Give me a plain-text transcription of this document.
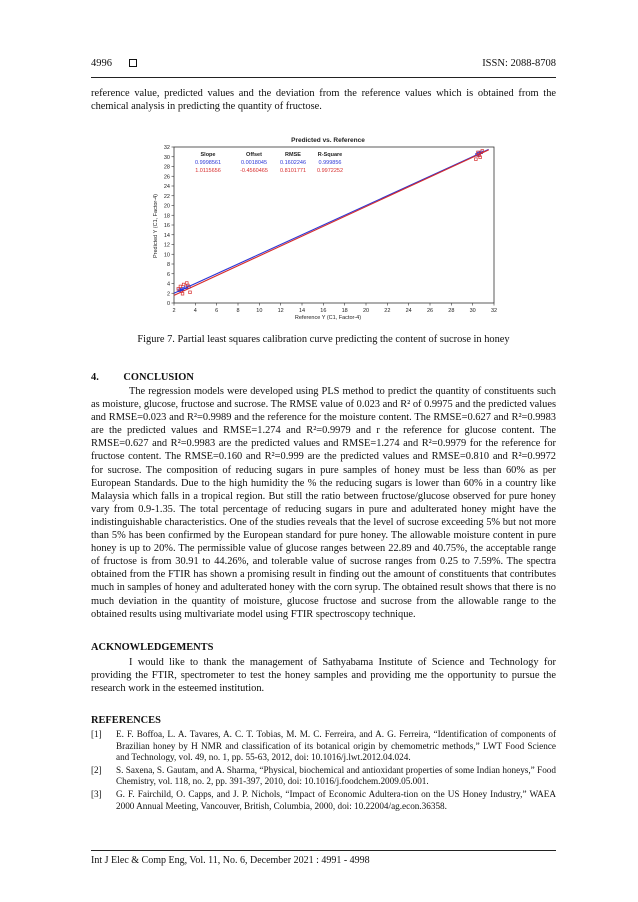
4996	ISSN: 2088-8708

reference value, predicted values and the deviation from the reference values which is obtained from the chemical analysis in predicting the quantity of fructose.

Predicted vs. Reference
2	4	6	8	10	12	14	16	18	20	22	24	26	28	30	32
0
2
4
6
8
10
12
14
16
18
20
22
24
26
28
30
32
Slope	Offset	RMSE	R-Square
0.9998561	0.0018045 0.1602246 0.999856
1.0115656	-0.4560465 0.8101771 0.9972252
Reference Y (C1, Factor-4)
Predicted Y (C1, Factor-4)
Figure 7. Partial least squares calibration curve predicting the content of sucrose in honey
4. CONCLUSION

The regression models were developed using PLS method to predict the quantity of constituents such as moisture, glucose, fructose and sucrose. The RMSE value of 0.023 and R² of 0.9975 and the predicted values and RMSE=0.023 and R²=0.9989 and the reference for the moisture content. The RMSE=0.627 and R²=0.9983 are the predicted values and RMSE=1.274 and R²=0.9979 and r the reference for glucose content. The RMSE=0.627 and R²=0.9983 are the predicted values and RMSE=1.274 and R²=0.9979 for the reference for fructose content. The RMSE=0.160 and R²=0.999 are the predicted values and RMSE=0.810 and R²=0.9972 for sucrose. The composition of reducing sugars in pure samples of honey must be less than 60% as per European Standards. Due to the high humidity the % the reducing sugars is lower than 60% in a country like Malaysia which falls in a tropical region. But still the ratio between fructose/glucose observed for pure honey vary from 0.9-1.35. The total percentage of reducing sugars in pure and adulterated honey might have the indistinguishable characteristics. One of the studies reveals that the level of sucrose exceeding 5% but not more than 5% has been confirmed by the European standard for pure honey. The allowable moisture content in pure honey is up to 20%. The permissible value of glucose ranges between 22.89 and 40.75%, the acceptable range of fructose is from 30.91 to 44.26%, and tolerable value of sucrose ranges from 0.25 to 7.59%. The spectra obtained from the FTIR has shown a promising result in finding out the amount of constituents that contributes much in samples of honey and adulterated honey with the corn syrup. The obtained result shows that there is no much deviation in the quantity of moisture, glucose fructose and sucrose from the allowable range to the obtained results using multivariate model using FTIR spectroscopy technique.

ACKNOWLEDGEMENTS

I would like to thank the management of Sathyabama Institute of Science and Technology for providing the FTIR, spectrometer to test the honey samples and providing me the opportunity to pursue the research work in the esteemed institution.

REFERENCES
[1] E. F. Boffoa, L. A. Tavares, A. C. T. Tobias, M. M. C. Ferreira, and A. G. Ferreira, “Identification of components of Brazilian honey by H NMR and classification of its botanical origin by chemometric methods,” LWT Food Science and Technology, vol. 49, no. 1, pp. 55-63, 2012, doi: 10.1016/j.lwt.2012.04.024.
[2] S. Saxena, S. Gautam, and A. Sharma, “Physical, biochemical and antioxidant properties of some Indian honeys,” Food Chemistry, vol. 118, no. 2, pp. 391-397, 2010, doi: 10.1016/j.foodchem.2009.05.001.
[3] G. F. Fairchild, O. Capps, and J. P. Nichols, “Impact of Economic Adultera-tion on the US Honey Industry,” WAEA 2000 Annual Meeting, Vancouver, British, Columbia, 2000, doi: 10.22004/ag.econ.36358.
Int J Elec & Comp Eng, Vol. 11, No. 6, December 2021 : 4991 - 4998
